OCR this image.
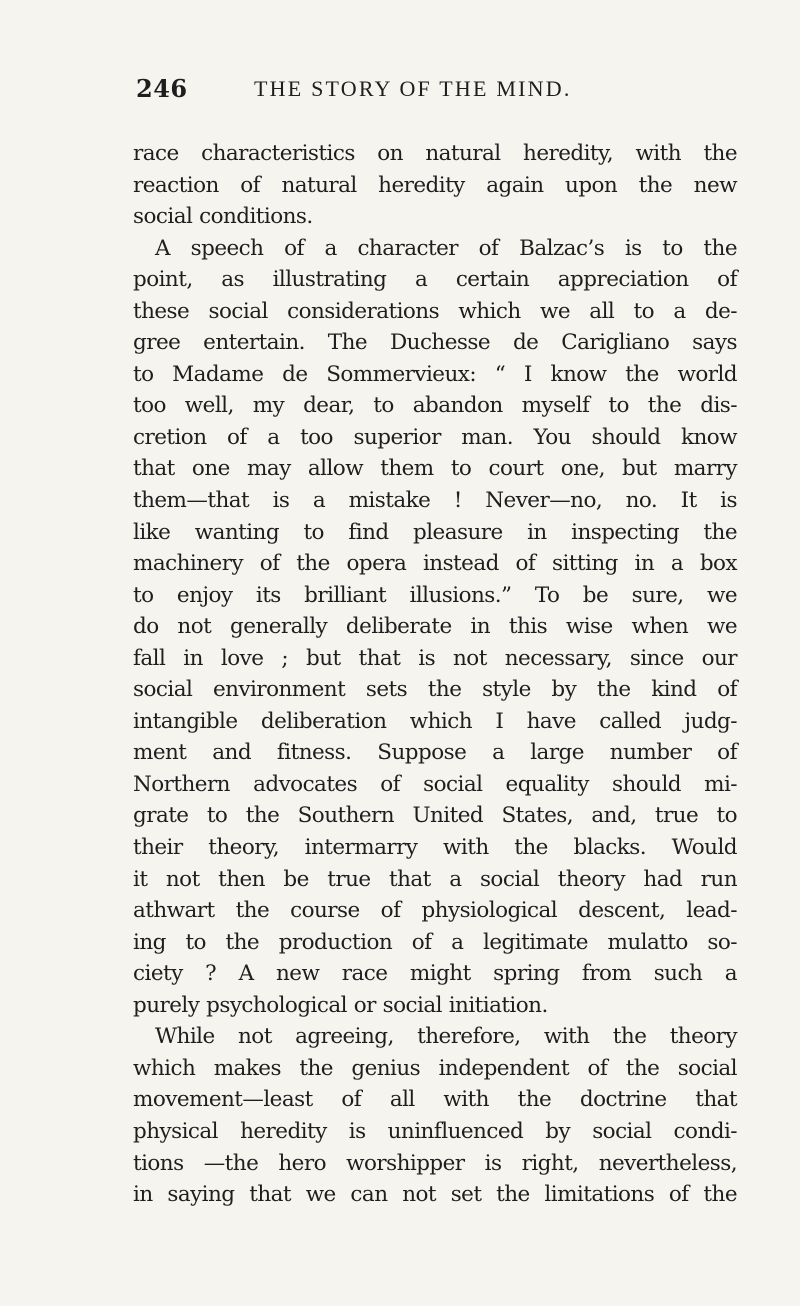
246	THE STORY OF THE MIND.
race characteristics on natural heredity, with the
reaction of natural heredity again upon the new
social conditions.
A speech of a character of Balzac’s is to the
point, as illustrating a certain appreciation of
these social considerations which we all to a de-
gree entertain. The Duchesse de Carigliano says
to Madame de Sommervieux: “ I know the world
too well, my dear, to abandon myself to the dis-
cretion of a too superior man. You should know
that one may allow them to court one, but marry
them—that is a mistake ! Never—no, no. It is
like wanting to find pleasure in inspecting the
machinery of the opera instead of sitting in a box
to enjoy its brilliant illusions.” To be sure, we
do not generally deliberate in this wise when we
fall in love ; but that is not necessary, since our
social environment sets the style by the kind of
intangible deliberation which I have called judg-
ment and fitness. Suppose a large number of
Northern advocates of social equality should mi-
grate to the Southern United States, and, true to
their theory, intermarry with the blacks. Would
it not then be true that a social theory had run
athwart the course of physiological descent, lead-
ing to the production of a legitimate mulatto so-
ciety ? A new race might spring from such a
purely psychological or social initiation.
While not agreeing, therefore, with the theory
which makes the genius independent of the social
movement—least of all with the doctrine that
physical heredity is uninfluenced by social condi-
tions —the hero worshipper is right, nevertheless,
in saying that we can not set the limitations of the
